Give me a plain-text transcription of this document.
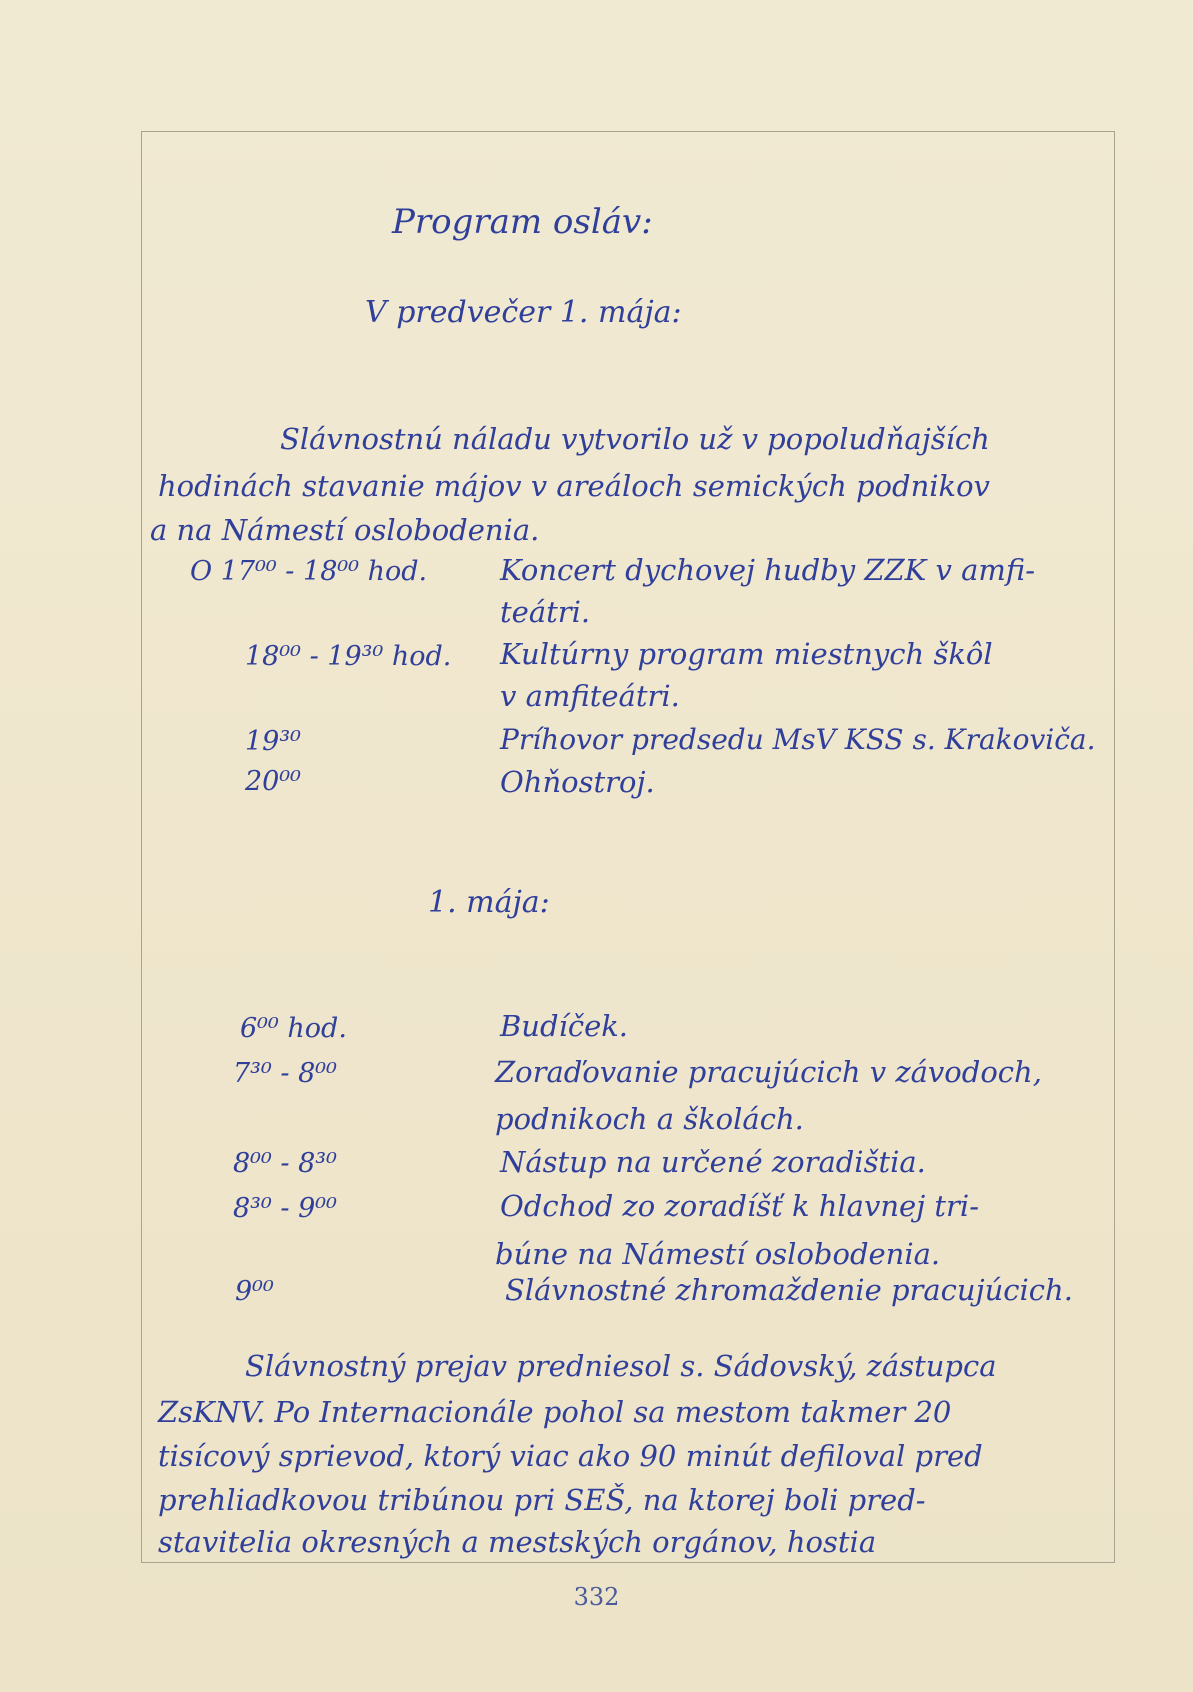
Program osláv:
V predvečer 1. mája:
Slávnostnú náladu vytvorilo už v popoludňajších
hodinách stavanie májov v areáloch semických podnikov
a na Námestí oslobodenia.
O 17⁰⁰ - 18⁰⁰ hod.	Koncert dychovej hudby ZZK v amfi-
teátri.
18⁰⁰ - 19³⁰ hod. Kultúrny program miestnych škôl
v amfiteátri.
19³⁰	Príhovor predsedu MsV KSS s. Krakoviča.
20⁰⁰	Ohňostroj.
1. mája:
6⁰⁰ hod.	Budíček.
7³⁰ - 8⁰⁰	Zoraďovanie pracujúcich v závodoch,
podnikoch a školách.
8⁰⁰ - 8³⁰	Nástup na určené zoradištia.
8³⁰ - 9⁰⁰	Odchod zo zoradíšť k hlavnej tri-
búne na Námestí oslobodenia.
9⁰⁰	Slávnostné zhromaždenie pracujúcich.
Slávnostný prejav predniesol s. Sádovský, zástupca
ZsKNV. Po Internacionále pohol sa mestom takmer 20
tisícový sprievod, ktorý viac ako 90 minút defiloval pred
prehliadkovou tribúnou pri SEŠ, na ktorej boli pred-
stavitelia okresných a mestských orgánov, hostia
332
